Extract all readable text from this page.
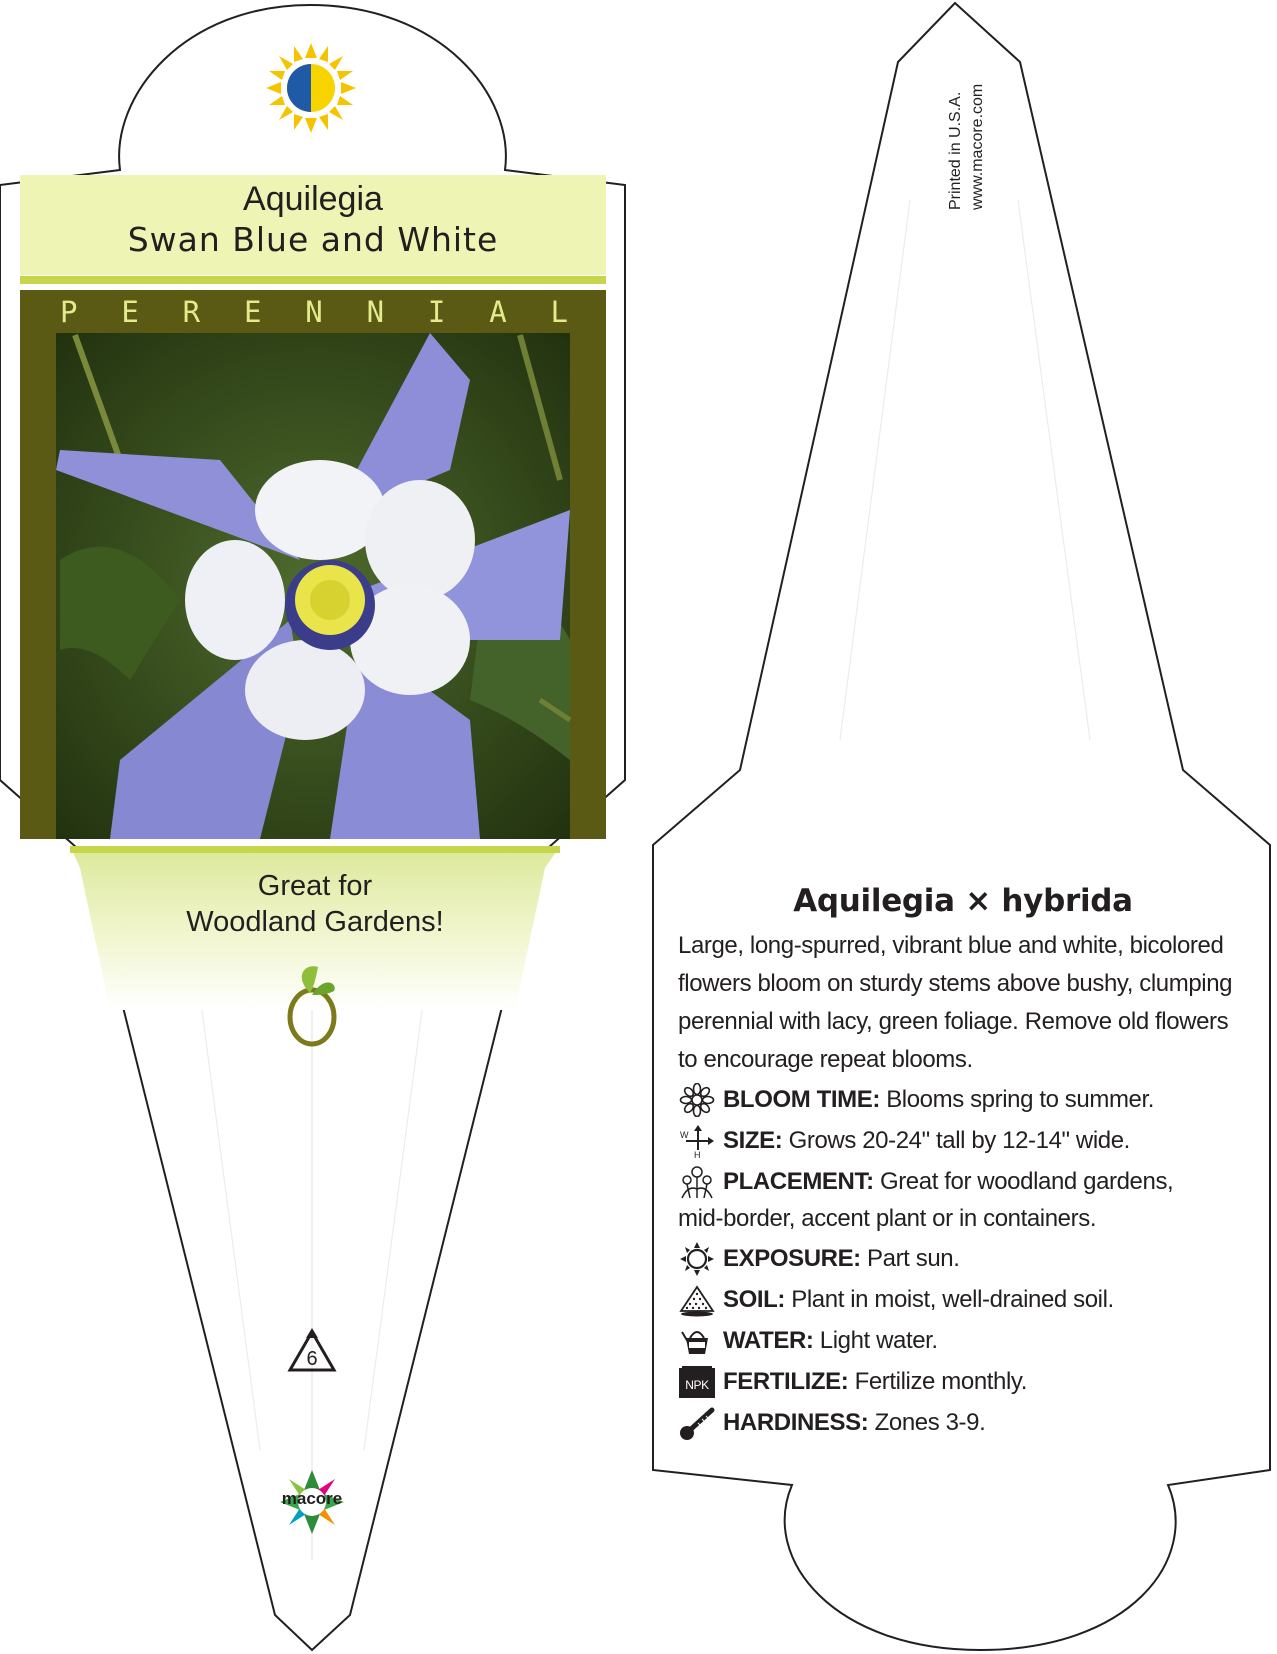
6
Aquilegia
Swan Blue and White
P E R E N N I A L
Great for
Woodland Gardens!
macore
Printed in U.S.A. www.macore.com
Aquilegia × hybrida
Large, long-spurred, vibrant blue and white, bicolored flowers bloom on sturdy stems above bushy, clumping perennial with lacy, green foliage. Remove old flowers to encourage repeat blooms.
BLOOM TIME: Blooms spring to summer.
W
H
SIZE: Grows 20-24" tall by 12-14" wide.
PLACEMENT: Great for woodland gardens,
mid-border, accent plant or in containers.
EXPOSURE: Part sun.
SOIL: Plant in moist, well-drained soil.
WATER: Light water.
NPK FERTILIZE: Fertilize monthly.
HARDINESS: Zones 3-9.
